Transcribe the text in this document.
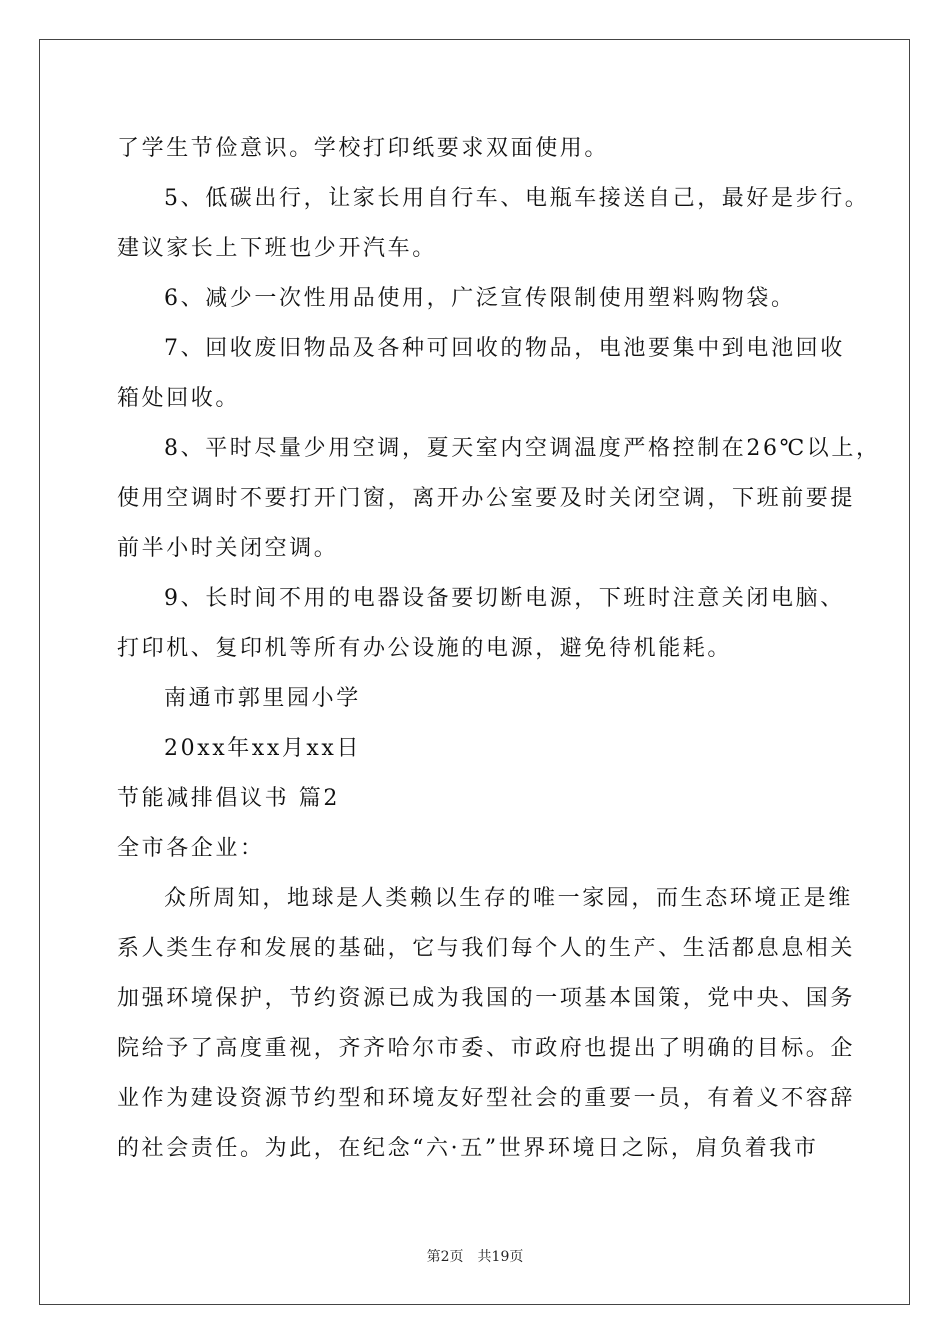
了学生节俭意识。学校打印纸要求双面使用。
5、低碳出行，让家长用自行车、电瓶车接送自己，最好是步行。
建议家长上下班也少开汽车。
6、减少一次性用品使用，广泛宣传限制使用塑料购物袋。
7、回收废旧物品及各种可回收的物品，电池要集中到电池回收
箱处回收。
8、平时尽量少用空调，夏天室内空调温度严格控制在26℃以上，
使用空调时不要打开门窗，离开办公室要及时关闭空调，下班前要提
前半小时关闭空调。
9、长时间不用的电器设备要切断电源，下班时注意关闭电脑、
打印机、复印机等所有办公设施的电源，避免待机能耗。
南通市郭里园小学
20xx年xx月xx日
节能减排倡议书 篇2
全市各企业：
众所周知，地球是人类赖以生存的唯一家园，而生态环境正是维
系人类生存和发展的基础，它与我们每个人的生产、生活都息息相关
加强环境保护，节约资源已成为我国的一项基本国策，党中央、国务
院给予了高度重视，齐齐哈尔市委、市政府也提出了明确的目标。企
业作为建设资源节约型和环境友好型社会的重要一员，有着义不容辞
的社会责任。为此，在纪念“六·五”世界环境日之际，肩负着我市
第2页　共19页
